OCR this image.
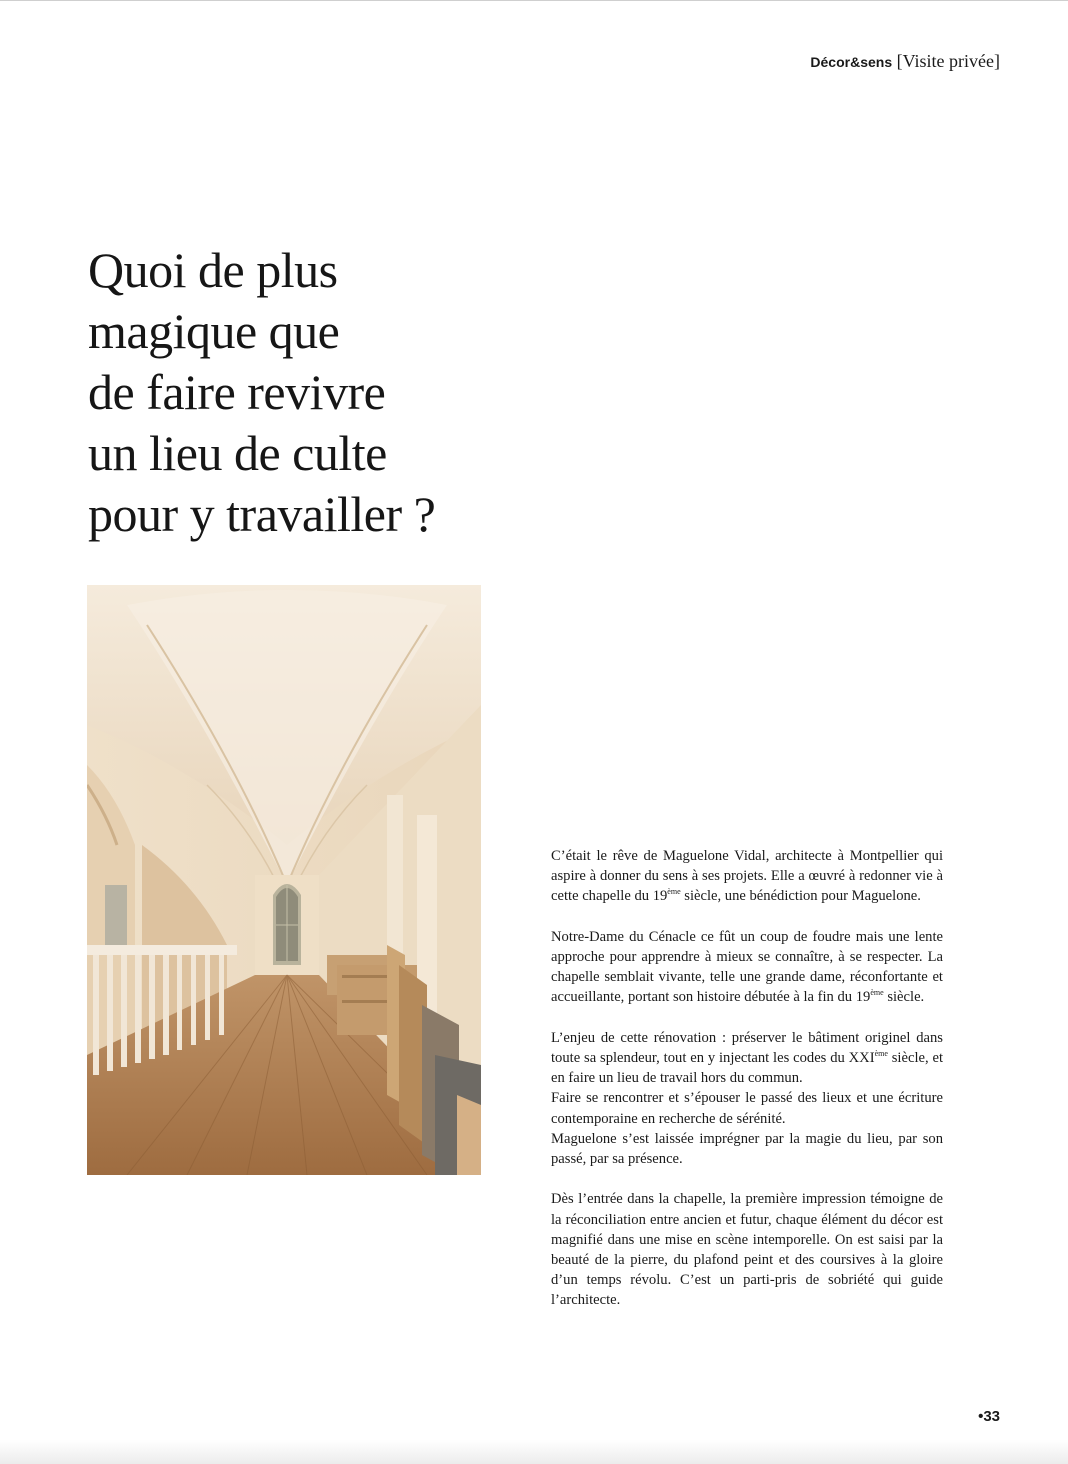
Décor&sens [Visite privée]
Quoi de plus
magique que
de faire revivre
un lieu de culte
pour y travailler ?

C’était le rêve de Maguelone Vidal, architecte à Montpellier qui aspire à donner du sens à ses projets. Elle a œuvré à redonner vie à cette chapelle du 19ème siècle, une bénédiction pour Maguelone.

Notre-Dame du Cénacle ce fût un coup de foudre mais une lente approche pour apprendre à mieux se connaître, à se respecter. La chapelle semblait vivante, telle une grande dame, réconfortante et accueillante, portant son histoire débutée à la fin du 19ème siècle.

L’enjeu de cette rénovation : préserver le bâtiment originel dans toute sa splendeur, tout en y injectant les codes du XXIème siècle, et en faire un lieu de travail hors du commun.
Faire se rencontrer et s’épouser le passé des lieux et une écriture contemporaine en recherche de sérénité.
Maguelone s’est laissée imprégner par la magie du lieu, par son passé, par sa présence.

Dès l’entrée dans la chapelle, la première impression témoigne de la réconciliation entre ancien et futur, chaque élément du décor est magnifié dans une mise en scène intemporelle. On est saisi par la beauté de la pierre, du plafond peint et des coursives à la gloire d’un temps révolu. C’est un parti-pris de sobriété qui guide l’architecte.

•33
